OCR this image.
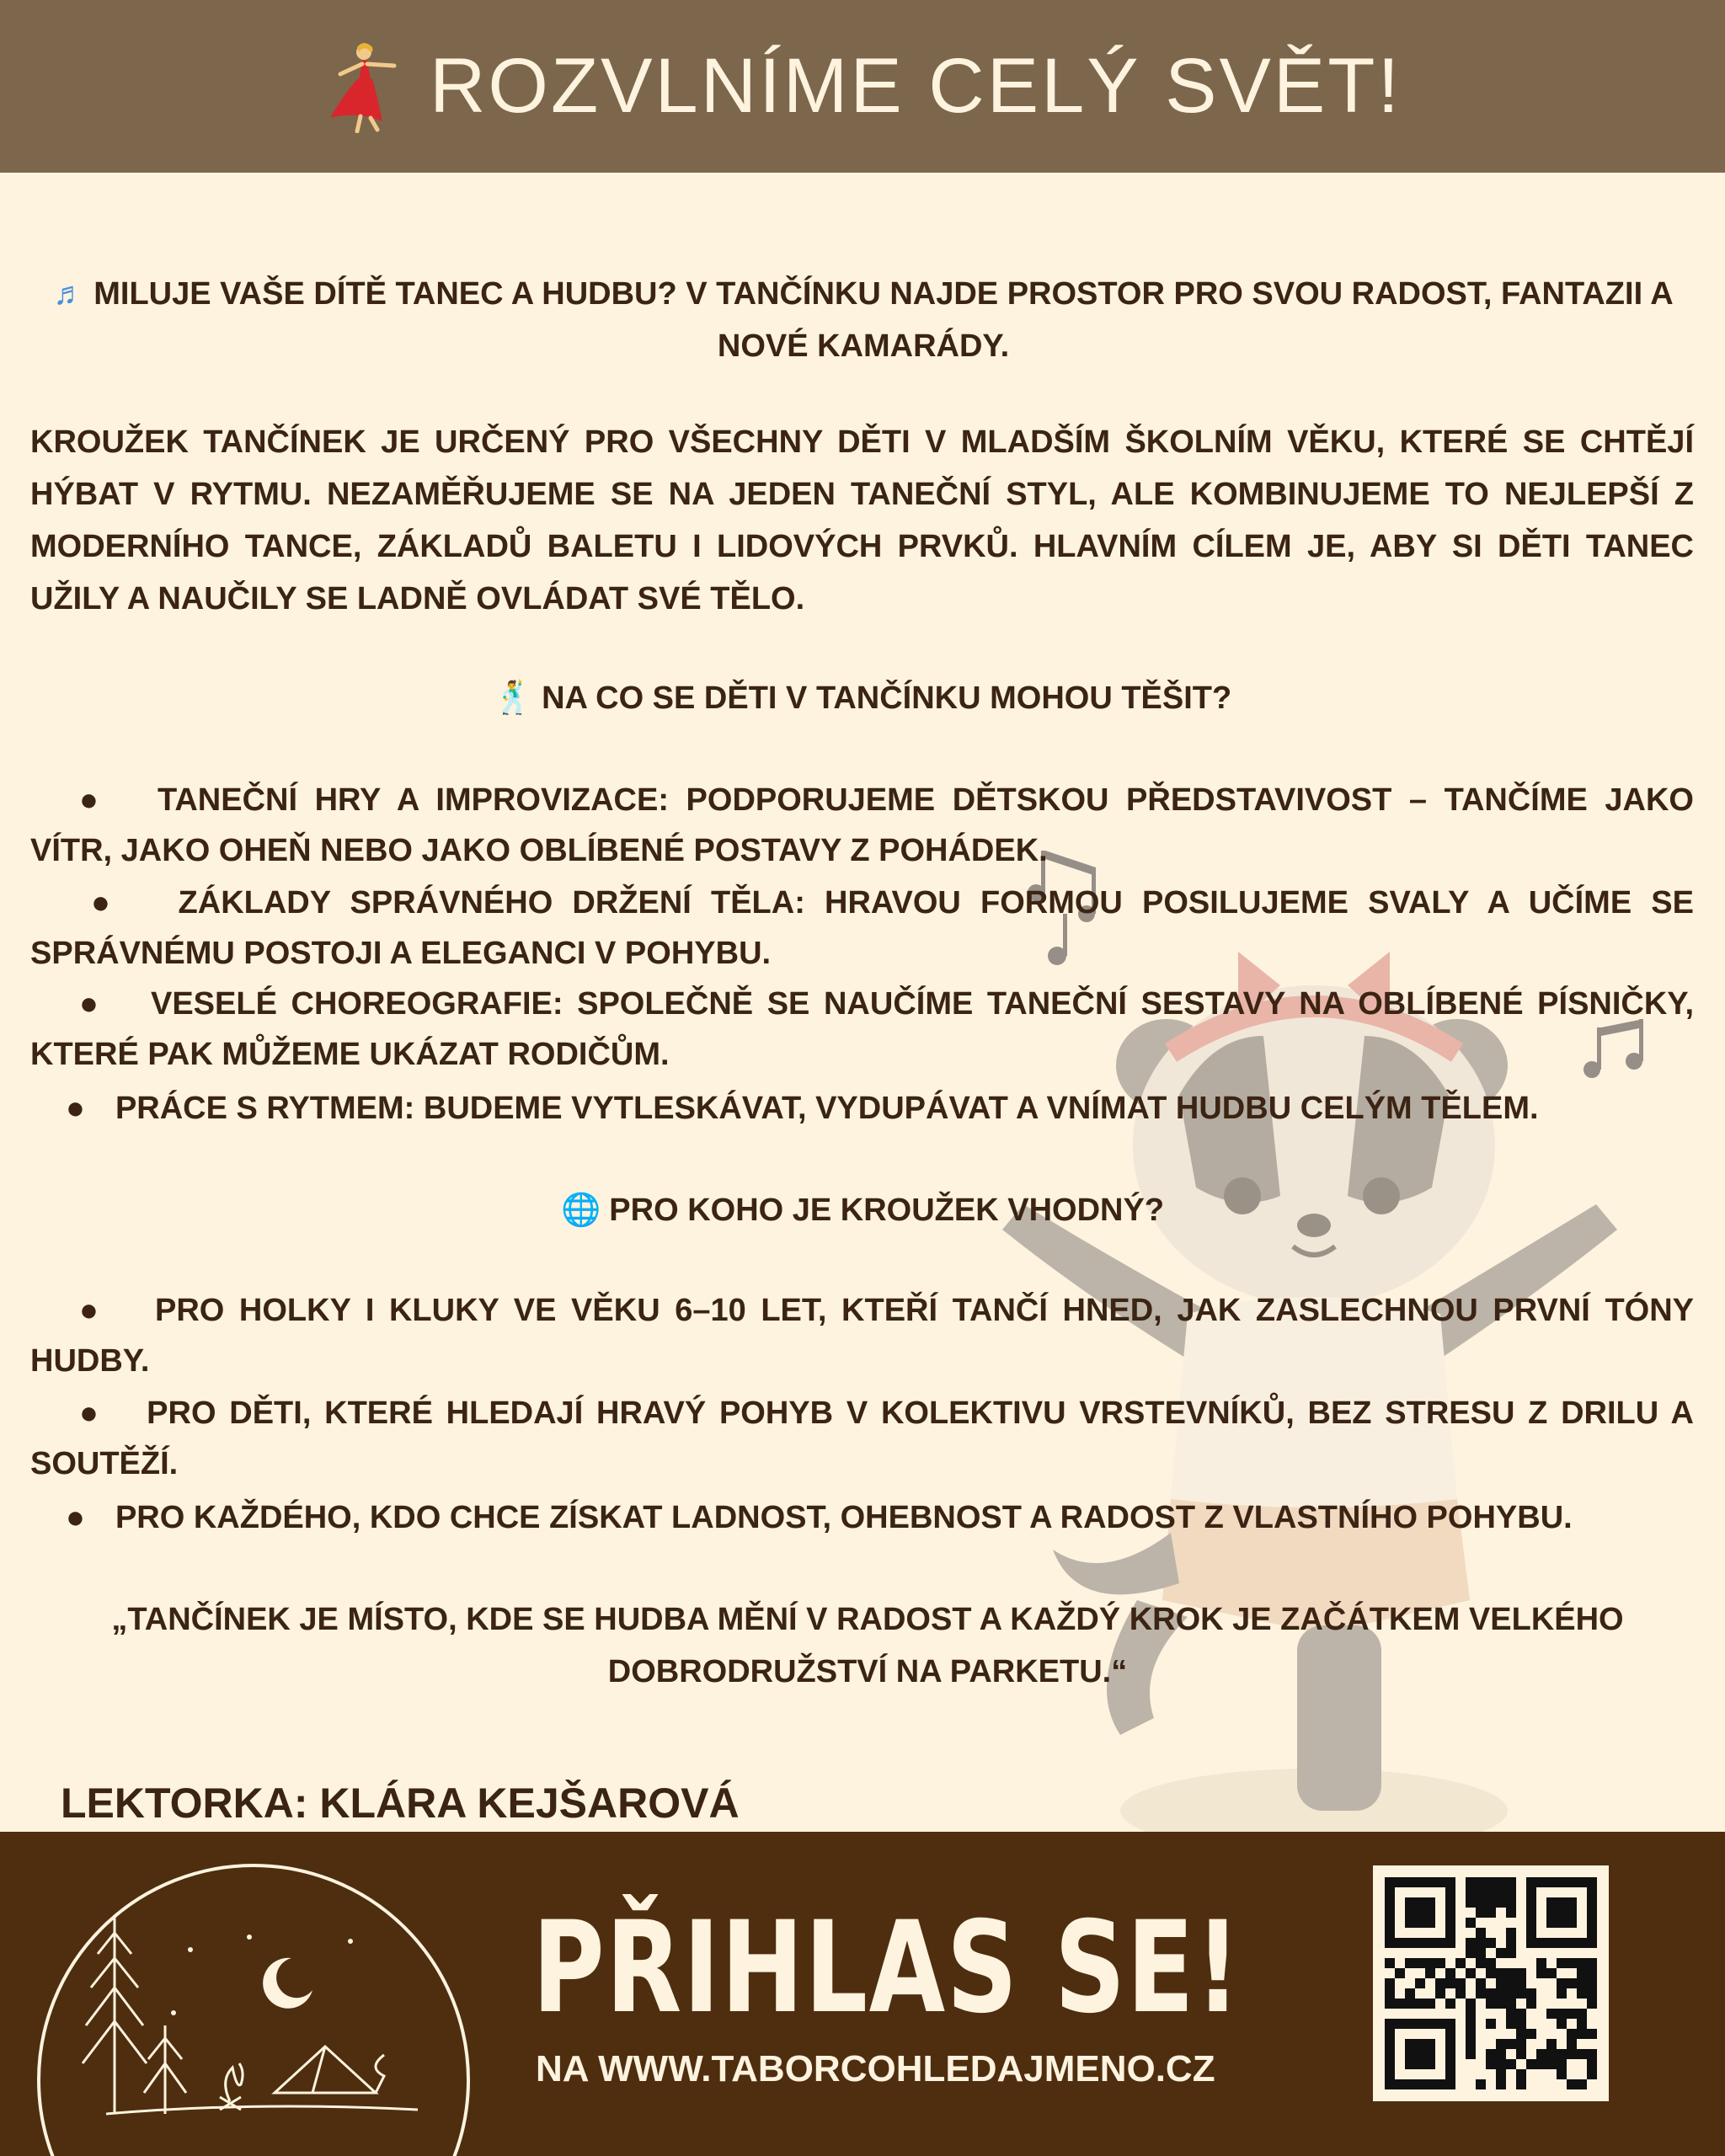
ROZVLNÍME CELÝ SVĚT!
♬ MILUJE VAŠE DÍTĚ TANEC A HUDBU? V TANČÍNKU NAJDE PROSTOR PRO SVOU RADOST, FANTAZII A NOVÉ KAMARÁDY.
KROUŽEK TANČÍNEK JE URČENÝ PRO VŠECHNY DĚTI V MLADŠÍM ŠKOLNÍM VĚKU, KTERÉ SE CHTĚJÍ HÝBAT V RYTMU. NEZAMĚŘUJEME SE NA JEDEN TANEČNÍ STYL, ALE KOMBINUJEME TO NEJLEPŠÍ Z MODERNÍHO TANCE, ZÁKLADŮ BALETU I LIDOVÝCH PRVKŮ. HLAVNÍM CÍLEM JE, ABY SI DĚTI TANEC UŽILY A NAUČILY SE LADNĚ OVLÁDAT SVÉ TĚLO.
🕺 NA CO SE DĚTI V TANČÍNKU MOHOU TĚŠIT?
● TANEČNÍ HRY A IMPROVIZACE: PODPORUJEME DĚTSKOU PŘEDSTAVIVOST – TANČÍME JAKO VÍTR, JAKO OHEŇ NEBO JAKO OBLÍBENÉ POSTAVY Z POHÁDEK.
● ZÁKLADY SPRÁVNÉHO DRŽENÍ TĚLA: HRAVOU FORMOU POSILUJEME SVALY A UČÍME SE SPRÁVNÉMU POSTOJI A ELEGANCI V POHYBU.
● VESELÉ CHOREOGRAFIE: SPOLEČNĚ SE NAUČÍME TANEČNÍ SESTAVY NA OBLÍBENÉ PÍSNIČKY, KTERÉ PAK MŮŽEME UKÁZAT RODIČŮM.
● PRÁCE S RYTMEM: BUDEME VYTLESKÁVAT, VYDUPÁVAT A VNÍMAT HUDBU CELÝM TĚLEM.
🌐 PRO KOHO JE KROUŽEK VHODNÝ?
● PRO HOLKY I KLUKY VE VĚKU 6–10 LET, KTEŘÍ TANČÍ HNED, JAK ZASLECHNOU PRVNÍ TÓNY HUDBY.
● PRO DĚTI, KTERÉ HLEDAJÍ HRAVÝ POHYB V KOLEKTIVU VRSTEVNÍKŮ, BEZ STRESU Z DRILU A SOUTĚŽÍ.
● PRO KAŽDÉHO, KDO CHCE ZÍSKAT LADNOST, OHEBNOST A RADOST Z VLASTNÍHO POHYBU.
„TANČÍNEK JE MÍSTO, KDE SE HUDBA MĚNÍ V RADOST A KAŽDÝ KROK JE ZAČÁTKEM VELKÉHO DOBRODRUŽSTVÍ NA PARKETU.“
LEKTORKA: KLÁRA KEJŠAROVÁ
PŘIHLAS SE!
NA WWW.TABORCOHLEDAJMENO.CZ
